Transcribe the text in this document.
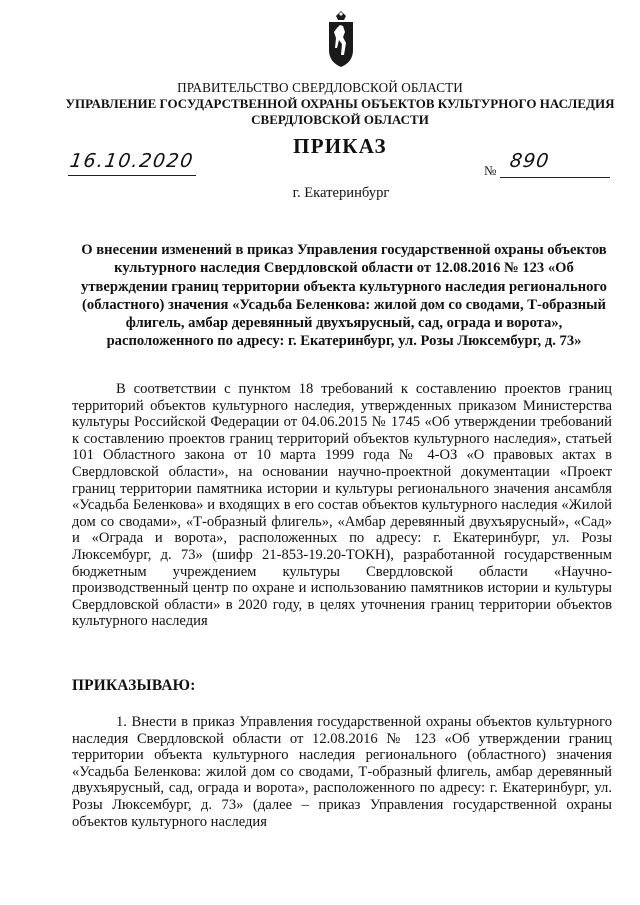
ПРАВИТЕЛЬСТВО СВЕРДЛОВСКОЙ ОБЛАСТИ
УПРАВЛЕНИЕ ГОСУДАРСТВЕННОЙ ОХРАНЫ ОБЪЕКТОВ КУЛЬТУРНОГО НАСЛЕДИЯ СВЕРДЛОВСКОЙ ОБЛАСТИ
ПРИКАЗ
16.10.2020	№ 890
г. Екатеринбург
О внесении изменений в приказ Управления государственной охраны объектов культурного наследия Свердловской области от 12.08.2016 № 123 «Об утверждении границ территории объекта культурного наследия регионального (областного) значения «Усадьба Беленкова: жилой дом со сводами, Т-образный флигель, амбар деревянный двухъярусный, сад, ограда и ворота», расположенного по адресу: г. Екатеринбург, ул. Розы Люксембург, д. 73»
В соответствии с пунктом 18 требований к составлению проектов границ территорий объектов культурного наследия, утвержденных приказом Министерства культуры Российской Федерации от 04.06.2015 № 1745 «Об утверждении требований к составлению проектов границ территорий объектов культурного наследия», статьей 101 Областного закона от 10 марта 1999 года № 4-ОЗ «О правовых актах в Свердловской области», на основании научно-проектной документации «Проект границ территории памятника истории и культуры регионального значения ансамбля «Усадьба Беленкова» и входящих в его состав объектов культурного наследия «Жилой дом со сводами», «Т-образный флигель», «Амбар деревянный двухъярусный», «Сад» и «Ограда и ворота», расположенных по адресу: г. Екатеринбург, ул. Розы Люксембург, д. 73» (шифр 21-853-19.20-ТОКН), разработанной государственным бюджетным учреждением культуры Свердловской области «Научно-производственный центр по охране и использованию памятников истории и культуры Свердловской области» в 2020 году, в целях уточнения границ территории объектов культурного наследия
ПРИКАЗЫВАЮ:
1. Внести в приказ Управления государственной охраны объектов культурного наследия Свердловской области от 12.08.2016 № 123 «Об утверждении границ территории объекта культурного наследия регионального (областного) значения «Усадьба Беленкова: жилой дом со сводами, Т-образный флигель, амбар деревянный двухъярусный, сад, ограда и ворота», расположенного по адресу: г. Екатеринбург, ул. Розы Люксембург, д. 73» (далее – приказ Управления государственной охраны объектов культурного наследия
